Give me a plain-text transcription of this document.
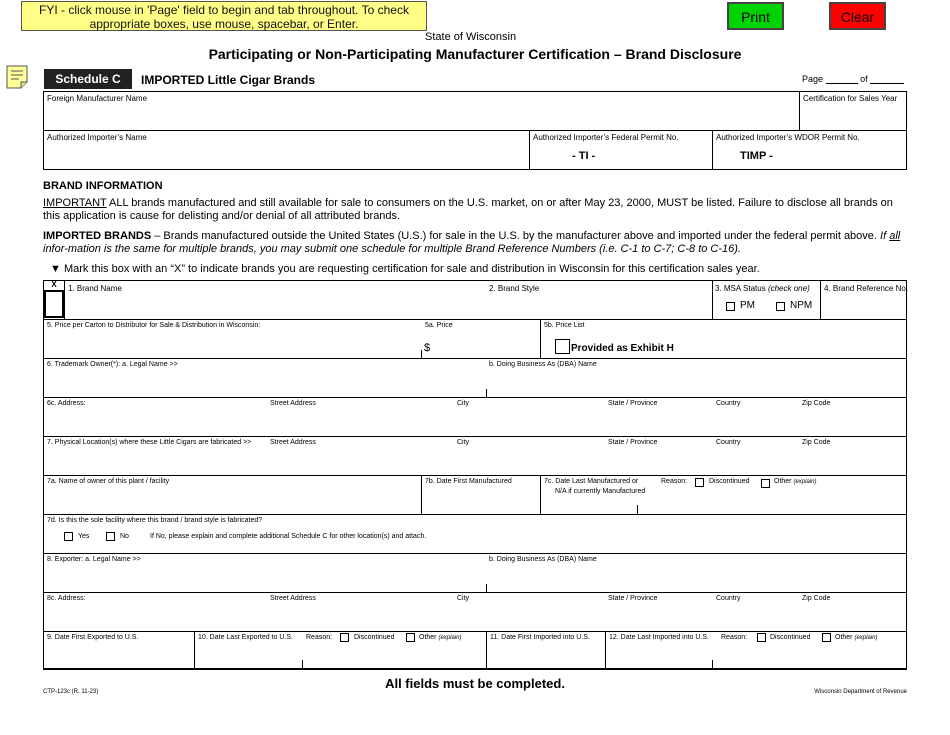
FYI - click mouse in 'Page' field to begin and tab throughout. To check appropriate boxes, use mouse, spacebar, or Enter.	Print	Clear
State of Wisconsin
Participating or Non-Participating Manufacturer Certification – Brand Disclosure
Schedule C	IMPORTED Little Cigar Brands	Page	of
Foreign Manufacturer Name	Certification for Sales Year
Authorized Importer’s Name	Authorized Importer’s Federal Permit No.
- TI -
Authorized Importer’s WDOR Permit No.
TIMP -
BRAND INFORMATION
IMPORTANT ALL brands manufactured and still available for sale to consumers on the U.S. market, on or after May 23, 2000, MUST be listed. Failure to disclose all brands on this application is cause for delisting and/or denial of all attributed brands.
IMPORTED BRANDS – Brands manufactured outside the United States (U.S.) for sale in the U.S. by the manufacturer above and imported under the federal permit above. If all infor-mation is the same for multiple brands, you may submit one schedule for multiple Brand Reference Numbers (i.e. C-1 to C-7; C-8 to C-16).
▼ Mark this box with an “X” to indicate brands you are requesting certification for sale and distribution in Wisconsin for this certification sales year.
X	1. Brand Name	2. Brand Style	3. MSA Status (check one)
PM	NPM
4. Brand Reference No.
5. Price per Carton to Distributor for Sale & Distribution in Wisconsin:	5a. Price
$
5b. Price List
Provided as Exhibit H
6. Trademark Owner(*): a. Legal Name >>	b. Doing Business As (DBA) Name
6c. Address:	Street Address	City	State / Province	Country	Zip Code
7. Physical Location(s) where these Little Cigars are fabricated >>	Street Address	City	State / Province	Country	Zip Code
7a. Name of owner of this plant / facility	7b. Date First Manufactured	7c. Date Last Manufactured or
N/A if currently Manufactured
Reason:	Discontinued	Other (explain)
7d. Is this the sole facility where this brand / brand style is fabricated?
Yes	No	If No, please explain and complete additional Schedule C for other location(s) and attach.
8. Exporter: a. Legal Name >>	b. Doing Business As (DBA) Name
8c. Address:	Street Address	City	State / Province	Country	Zip Code
9. Date First Exported to U.S.	10. Date Last Exported to U.S. Reason:	Discontinued	Other (explain)	11. Date First Imported into U.S.	12. Date Last Imported into U.S. Reason:	Discontinued	Other (explain)
All fields must be completed.
CTP-123c (R. 11-23)	Wisconsin Department of Revenue
